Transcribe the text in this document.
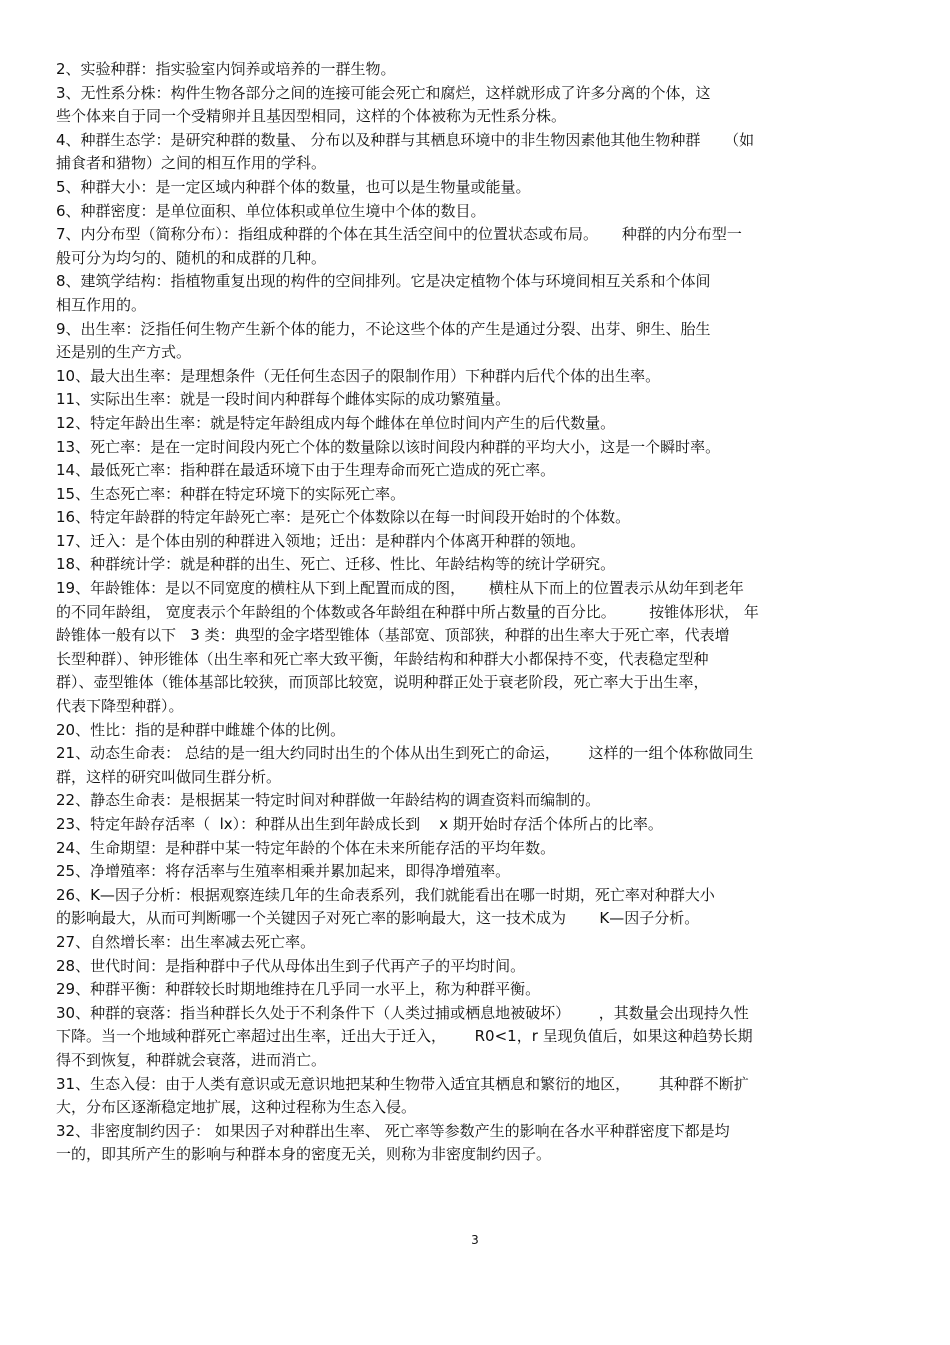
2、实验种群：指实验室内饲养或培养的一群生物。
3、无性系分株：构件生物各部分之间的连接可能会死亡和腐烂，这样就形成了许多分离的个体，这
些个体来自于同一个受精卵并且基因型相同，这样的个体被称为无性系分株。
4、种群生态学：是研究种群的数量、 分布以及种群与其栖息环境中的非生物因素他其他生物种群     （如
捕食者和猎物）之间的相互作用的学科。
5、种群大小：是一定区域内种群个体的数量，也可以是生物量或能量。
6、种群密度：是单位面积、单位体积或单位生境中个体的数目。
7、内分布型（简称分布）：指组成种群的个体在其生活空间中的位置状态或布局。     种群的内分布型一
般可分为均匀的、随机的和成群的几种。
8、建筑学结构：指植物重复出现的构件的空间排列。它是决定植物个体与环境间相互关系和个体间
相互作用的。
9、出生率：泛指任何生物产生新个体的能力，不论这些个体的产生是通过分裂、出芽、卵生、胎生
还是别的生产方式。
10、最大出生率：是理想条件（无任何生态因子的限制作用）下种群内后代个体的出生率。
11、实际出生率：就是一段时间内种群每个雌体实际的成功繁殖量。
12、特定年龄出生率：就是特定年龄组成内每个雌体在单位时间内产生的后代数量。
13、死亡率：是在一定时间段内死亡个体的数量除以该时间段内种群的平均大小，这是一个瞬时率。
14、最低死亡率：指种群在最适环境下由于生理寿命而死亡造成的死亡率。
15、生态死亡率：种群在特定环境下的实际死亡率。
16、特定年龄群的特定年龄死亡率：是死亡个体数除以在每一时间段开始时的个体数。
17、迁入：是个体由别的种群进入领地；迁出：是种群内个体离开种群的领地。
18、种群统计学：就是种群的出生、死亡、迁移、性比、年龄结构等的统计学研究。
19、年龄锥体：是以不同宽度的横柱从下到上配置而成的图，     横柱从下而上的位置表示从幼年到老年
的不同年龄组， 宽度表示个年龄组的个体数或各年龄组在种群中所占数量的百分比。       按锥体形状， 年
龄锥体一般有以下   3 类：典型的金字塔型锥体（基部宽、顶部狭，种群的出生率大于死亡率，代表增
长型种群）、钟形锥体（出生率和死亡率大致平衡，年龄结构和种群大小都保持不变，代表稳定型种
群）、壶型锥体（锥体基部比较狭，而顶部比较宽，说明种群正处于衰老阶段，死亡率大于出生率，
代表下降型种群）。
20、性比：指的是种群中雌雄个体的比例。
21、动态生命表： 总结的是一组大约同时出生的个体从出生到死亡的命运，      这样的一组个体称做同生
群，这样的研究叫做同生群分析。
22、静态生命表：是根据某一特定时间对种群做一年龄结构的调查资料而编制的。
23、特定年龄存活率（  lx）：种群从出生到年龄成长到    x 期开始时存活个体所占的比率。
24、生命期望：是种群中某一特定年龄的个体在未来所能存活的平均年数。
25、净增殖率：将存活率与生殖率相乘并累加起来，即得净增殖率。
26、K—因子分析：根据观察连续几年的生命表系列，我们就能看出在哪一时期，死亡率对种群大小
的影响最大，从而可判断哪一个关键因子对死亡率的影响最大，这一技术成为       K—因子分析。
27、自然增长率：出生率减去死亡率。
28、世代时间：是指种群中子代从母体出生到子代再产子的平均时间。
29、种群平衡：种群较长时期地维持在几乎同一水平上，称为种群平衡。
30、种群的衰落：指当种群长久处于不利条件下（人类过捕或栖息地被破坏）      ，其数量会出现持久性
下降。当一个地域种群死亡率超过出生率，迁出大于迁入，      R0<1，r 呈现负值后，如果这种趋势长期
得不到恢复，种群就会衰落，进而消亡。
31、生态入侵：由于人类有意识或无意识地把某种生物带入适宜其栖息和繁衍的地区，      其种群不断扩
大，分布区逐渐稳定地扩展，这种过程称为生态入侵。
32、非密度制约因子： 如果因子对种群出生率、 死亡率等参数产生的影响在各水平种群密度下都是均
一的，即其所产生的影响与种群本身的密度无关，则称为非密度制约因子。
3
